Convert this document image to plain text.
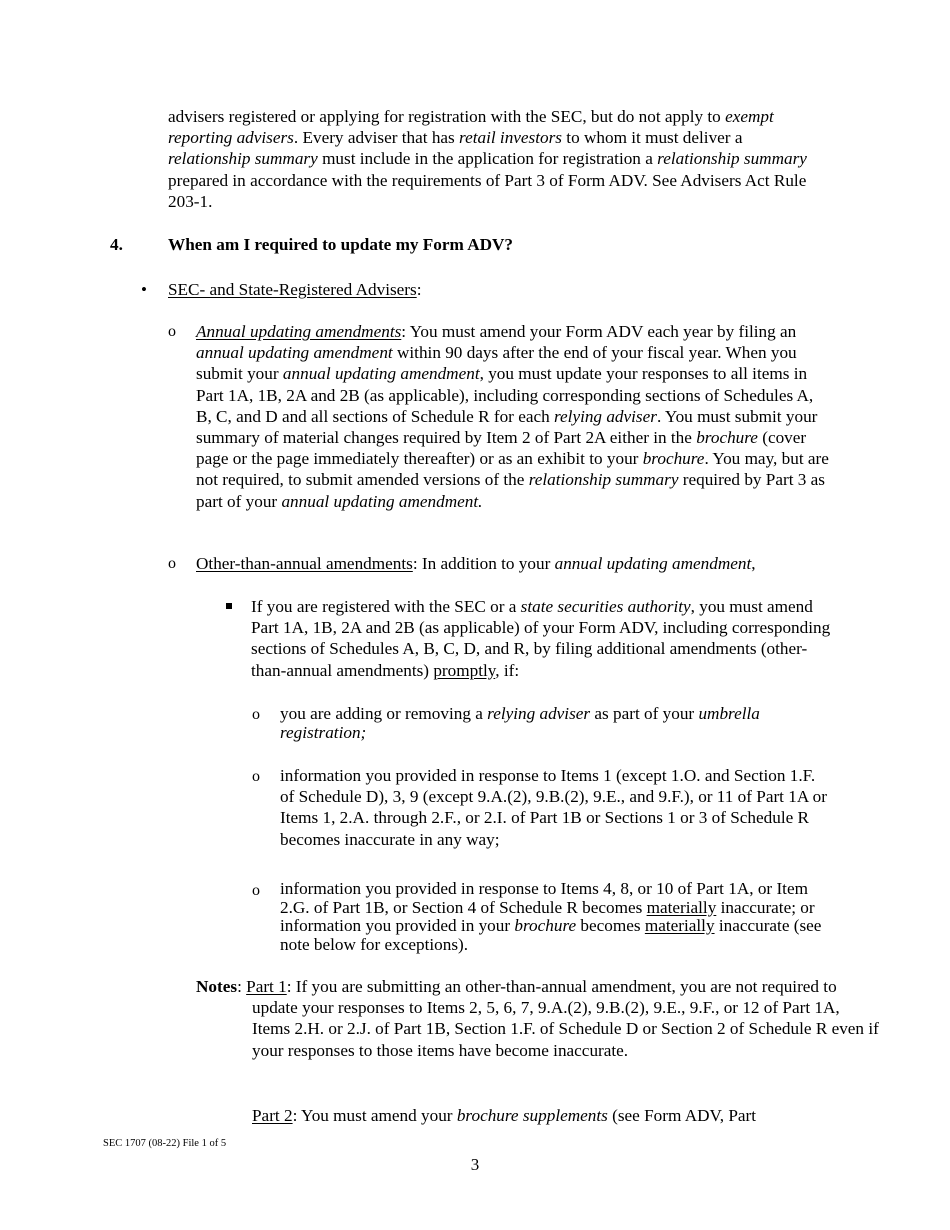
advisers registered or applying for registration with the SEC, but do not apply to exempt reporting advisers. Every adviser that has retail investors to whom it must deliver a relationship summary must include in the application for registration a relationship summary prepared in accordance with the requirements of Part 3 of Form ADV. See Advisers Act Rule 203-1.

4.	When am I required to update my Form ADV?
• SEC- and State-Registered Advisers:

o Annual updating amendments: You must amend your Form ADV each year by filing an annual updating amendment within 90 days after the end of your fiscal year. When you submit your annual updating amendment, you must update your responses to all items in Part 1A, 1B, 2A and 2B (as applicable), including corresponding sections of Schedules A, B, C, and D and all sections of Schedule R for each relying adviser. You must submit your summary of material changes required by Item 2 of Part 2A either in the brochure (cover page or the page immediately thereafter) or as an exhibit to your brochure. You may, but are not required, to submit amended versions of the relationship summary required by Part 3 as part of your annual updating amendment.

o Other-than-annual amendments: In addition to your annual updating amendment,

If you are registered with the SEC or a state securities authority, you must amend Part 1A, 1B, 2A and 2B (as applicable) of your Form ADV, including corresponding sections of Schedules A, B, C, D, and R, by filing additional amendments (other-than-annual amendments) promptly, if:

o you are adding or removing a relying adviser as part of your umbrella registration;

o information you provided in response to Items 1 (except 1.O. and Section 1.F. of Schedule D), 3, 9 (except 9.A.(2), 9.B.(2), 9.E., and 9.F.), or 11 of Part 1A or Items 1, 2.A. through 2.F., or 2.I. of Part 1B or Sections 1 or 3 of Schedule R becomes inaccurate in any way;

o information you provided in response to Items 4, 8, or 10 of Part 1A, or Item 2.G. of Part 1B, or Section 4 of Schedule R becomes materially inaccurate; or information you provided in your brochure becomes materially inaccurate (see note below for exceptions).

Notes: Part 1: If you are submitting an other-than-annual amendment, you are not required to update your responses to Items 2, 5, 6, 7, 9.A.(2), 9.B.(2), 9.E., 9.F., or 12 of Part 1A, Items 2.H. or 2.J. of Part 1B, Section 1.F. of Schedule D or Section 2 of Schedule R even if your responses to those items have become inaccurate.

Part 2: You must amend your brochure supplements (see Form ADV, Part

SEC 1707 (08-22) File 1 of 5
3
